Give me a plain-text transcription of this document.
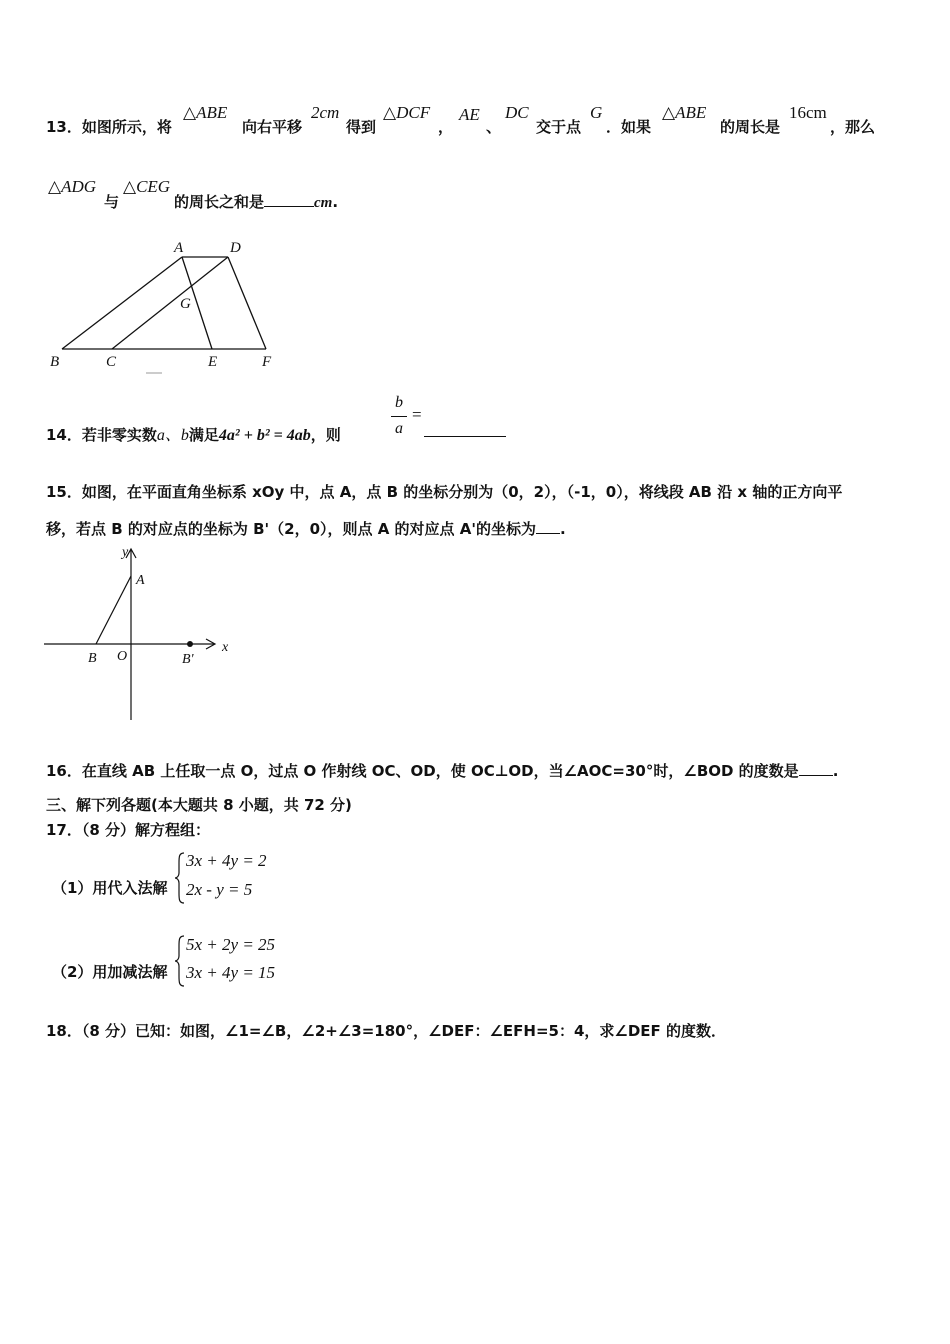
13．如图所示，将
△ABE
向右平移
2cm
得到
△DCF
，
AE
、
DC
交于点
G
．如果
△ABE
的周长是
16cm
，那么
△ADG
与
△CEG
的周长之和是	cm.
A	D
G
B	C	E	F
14．若非零实数a、b满足4a² + b² = 4ab，则
b
a
=
15．如图，在平面直角坐标系 xOy 中，点 A，点 B 的坐标分别为（0，2），（-1，0），将线段 AB 沿 x 轴的正方向平
移，若点 B 的对应点的坐标为 B'（2，0），则点 A 的对应点 A'的坐标为 .
y
x
A
B O	B'
16．在直线 AB 上任取一点 O，过点 O 作射线 OC、OD，使 OC⊥OD，当∠AOC=30°时，∠BOD 的度数是 .
三、解下列各题(本大题共 8 小题，共 72 分)
17．（8 分）解方程组：
（1）用代入法解
3x + 4y = 2
2x - y = 5
（2）用加减法解
5x + 2y = 25
3x + 4y = 15
18．（8 分）已知：如图，∠1=∠B，∠2+∠3=180°，∠DEF：∠EFH=5：4，求∠DEF 的度数．
